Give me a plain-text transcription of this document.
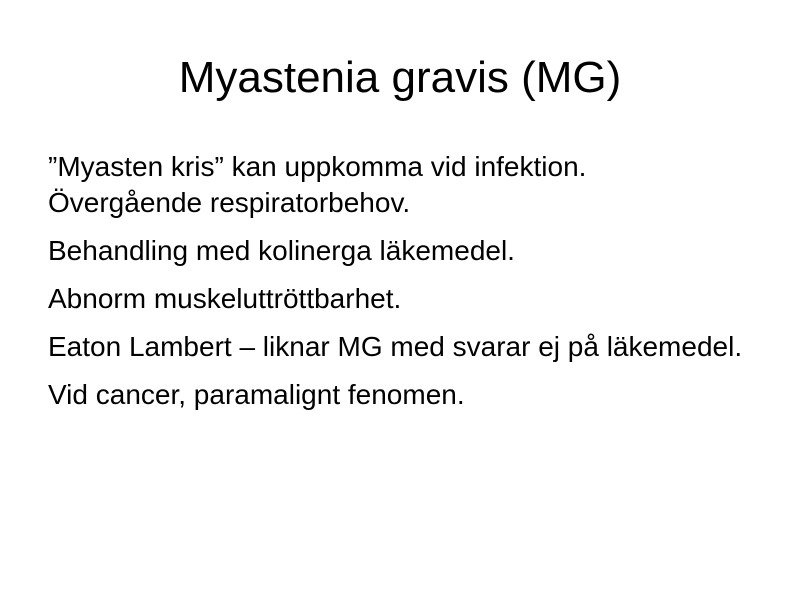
Myastenia gravis (MG)
”Myasten kris” kan uppkomma vid infektion. Övergående respiratorbehov.
Behandling med kolinerga läkemedel.
Abnorm muskeluttröttbarhet.
Eaton Lambert – liknar MG med svarar ej på läkemedel.
Vid cancer, paramalignt fenomen.
